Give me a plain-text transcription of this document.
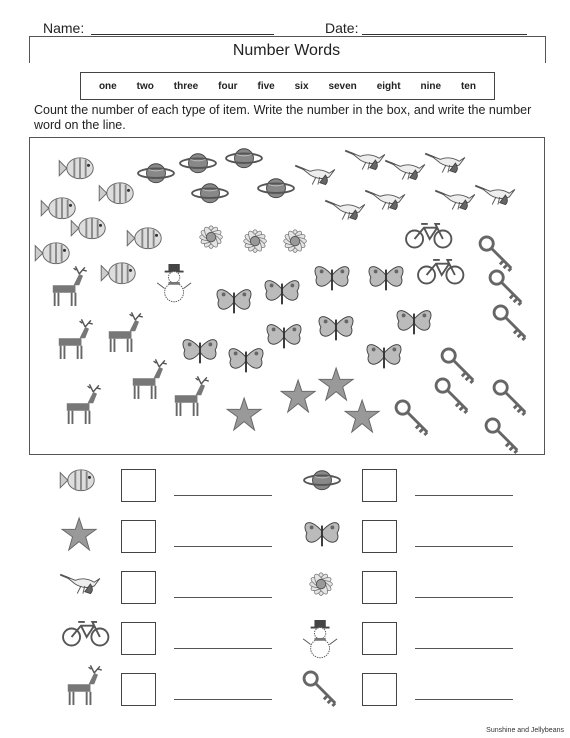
Name:	Date:
Number Words
one two three four five six seven eight nine ten
Count the number of each type of item. Write the number in the box, and write the number word on the line.
Sunshine and Jellybeans
